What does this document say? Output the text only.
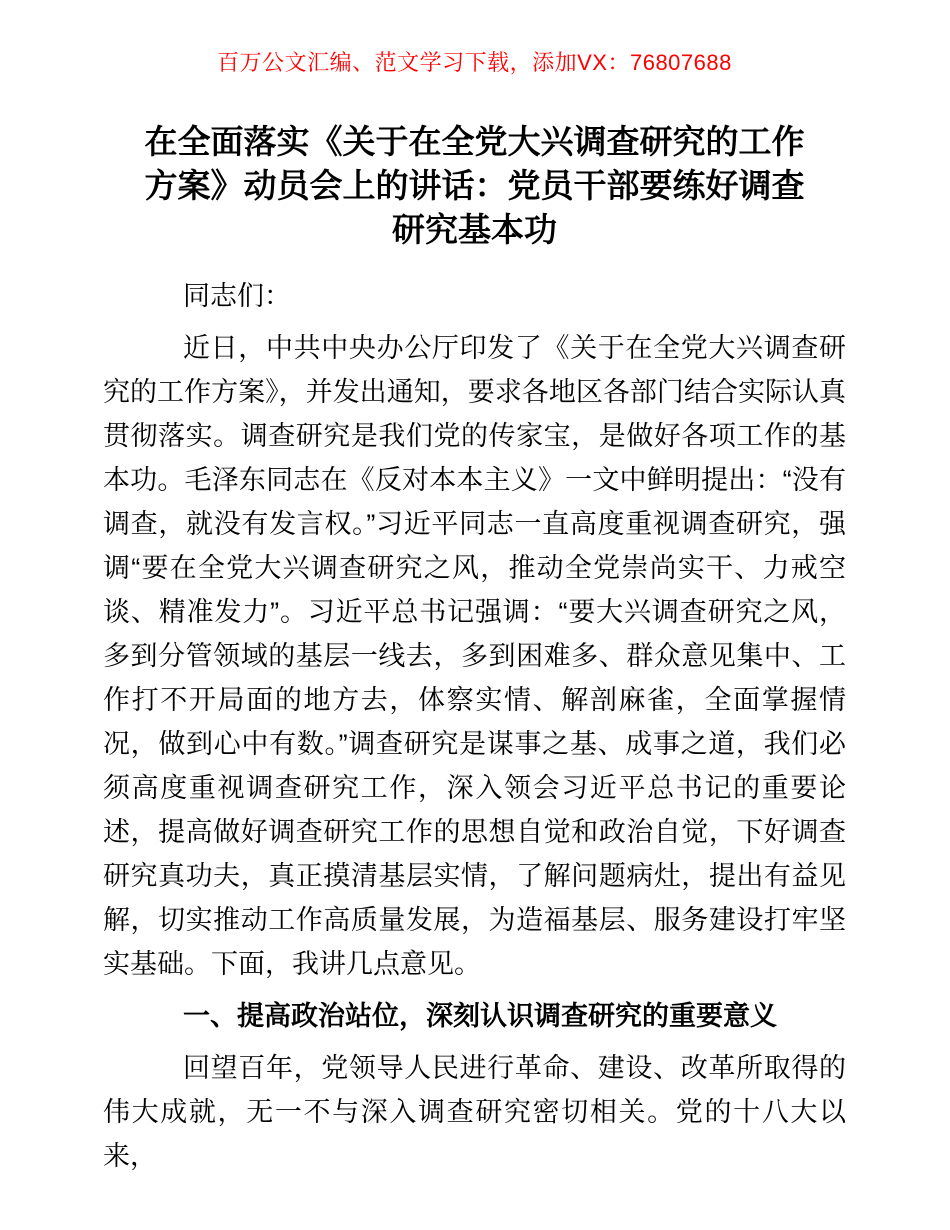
百万公文汇编、范文学习下载，添加VX：76807688
在全面落实《关于在全党大兴调查研究的工作
方案》动员会上的讲话：党员干部要练好调查
研究基本功

同志们：

近日，中共中央办公厅印发了《关于在全党大兴调查研究的工作方案》，并发出通知，要求各地区各部门结合实际认真贯彻落实。调查研究是我们党的传家宝，是做好各项工作的基本功。毛泽东同志在《反对本本主义》一文中鲜明提出：“没有调查，就没有发言权。”习近平同志一直高度重视调查研究，强调“要在全党大兴调查研究之风，推动全党崇尚实干、力戒空谈、精准发力”。习近平总书记强调：“要大兴调查研究之风，多到分管领域的基层一线去，多到困难多、群众意见集中、工作打不开局面的地方去，体察实情、解剖麻雀，全面掌握情况，做到心中有数。”调查研究是谋事之基、成事之道，我们必须高度重视调查研究工作，深入领会习近平总书记的重要论述，提高做好调查研究工作的思想自觉和政治自觉，下好调查研究真功夫，真正摸清基层实情，了解问题病灶，提出有益见解，切实推动工作高质量发展，为造福基层、服务建设打牢坚实基础。下面，我讲几点意见。

一、提高政治站位，深刻认识调查研究的重要意义

回望百年，党领导人民进行革命、建设、改革所取得的伟大成就，无一不与深入调查研究密切相关。党的十八大以来，
